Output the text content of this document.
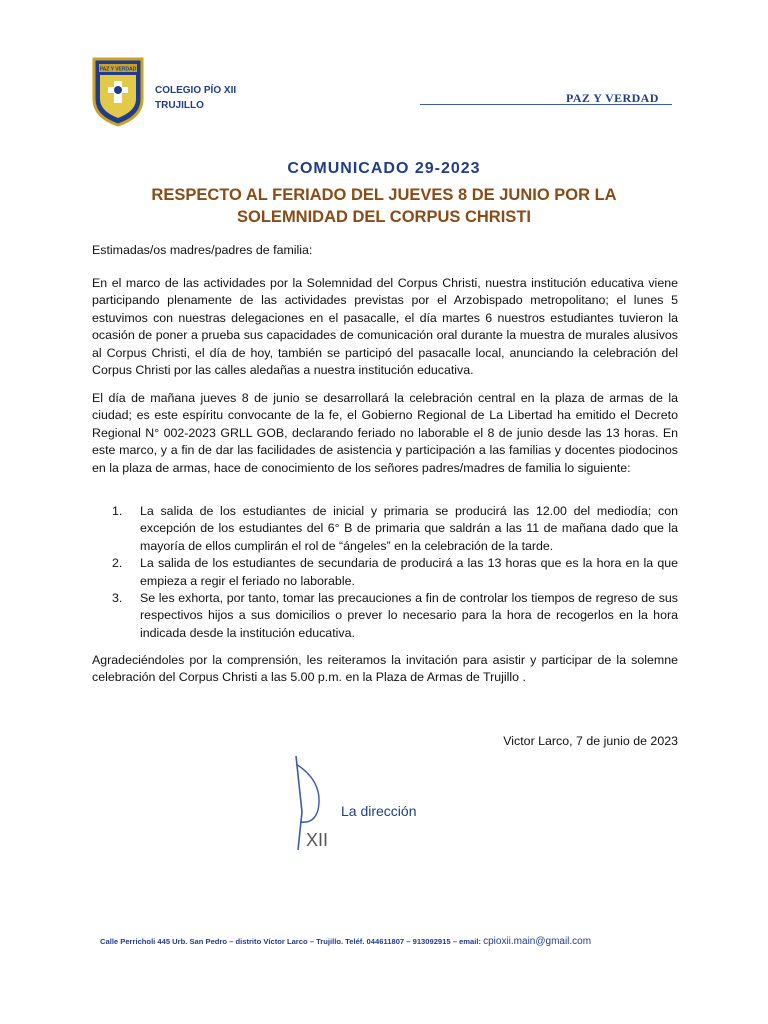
PAZ Y VERDAD
COLEGIO PÍO XII
TRUJILLO
PAZ Y VERDAD
COMUNICADO 29-2023
RESPECTO AL FERIADO DEL JUEVES 8 DE JUNIO POR LA
SOLEMNIDAD DEL CORPUS CHRISTI
Estimadas/os madres/padres de familia:
En el marco de las actividades por la Solemnidad del Corpus Christi, nuestra institución educativa viene participando plenamente de las actividades previstas por el Arzobispado metropolitano; el lunes 5 estuvimos con nuestras delegaciones en el pasacalle, el día martes 6 nuestros estudiantes tuvieron la ocasión de poner a prueba sus capacidades de comunicación oral durante la muestra de murales alusivos al Corpus Christi, el día de hoy, también se participó del pasacalle local, anunciando la celebración del Corpus Christi por las calles aledañas a nuestra institución educativa.
El día de mañana jueves 8 de junio se desarrollará la celebración central en la plaza de armas de la ciudad; es este espíritu convocante de la fe, el Gobierno Regional de La Libertad ha emitido el Decreto Regional N° 002-2023 GRLL GOB, declarando feriado no laborable el 8 de junio desde las 13 horas. En este marco, y a fin de dar las facilidades de asistencia y participación a las familias y docentes piodocinos en la plaza de armas, hace de conocimiento de los señores padres/madres de familia lo siguiente:
1. La salida de los estudiantes de inicial y primaria se producirá las 12.00 del mediodía; con excepción de los estudiantes del 6° B de primaria que saldrán a las 11 de mañana dado que la mayoría de ellos cumplirán el rol de “ángeles” en la celebración de la tarde.
2. La salida de los estudiantes de secundaria de producirá a las 13 horas que es la hora en la que empieza a regir el feriado no laborable.
3. Se les exhorta, por tanto, tomar las precauciones a fin de controlar los tiempos de regreso de sus respectivos hijos a sus domicilios o prever lo necesario para la hora de recogerlos en la hora indicada desde la institución educativa.
Agradeciéndoles por la comprensión, les reiteramos la invitación para asistir y participar de la solemne celebración del Corpus Christi a las 5.00 p.m. en la Plaza de Armas de Trujillo .
Victor Larco, 7 de junio de 2023
XII
La dirección
Calle Perricholi 445 Urb. San Pedro – distrito Víctor Larco – Trujillo. Teléf. 044611807 – 913092915 – email: cpioxii.main@gmail.com
